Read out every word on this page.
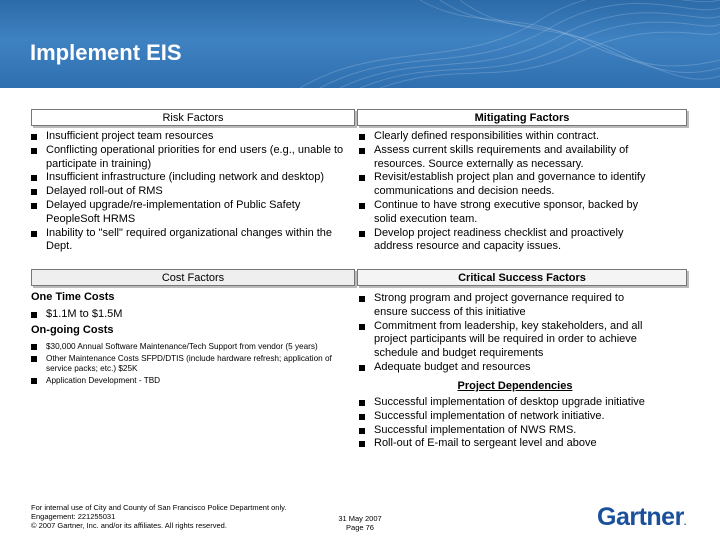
Implement EIS
Risk Factors	Mitigating Factors
Cost Factors	Critical Success Factors
Insufficient project team resources
Conflicting operational priorities for end users (e.g., unable to participate in training)
Insufficient infrastructure (including network and desktop)
Delayed roll-out of RMS
Delayed upgrade/re-implementation of Public Safety PeopleSoft HRMS
Inability to "sell" required organizational changes within the Dept.
Clearly defined responsibilities within contract.
Assess current skills requirements and availability of resources. Source externally as necessary.
Revisit/establish project plan and governance to identify communications and decision needs.
Continue to have strong executive sponsor, backed by solid execution team.
Develop project readiness checklist and proactively address resource and capacity issues.
One Time Costs
$1.1M to $1.5M
On-going Costs
$30,000 Annual Software Maintenance/Tech Support from vendor (5 years)
Other Maintenance Costs SFPD/DTIS (include hardware refresh; application of service packs; etc.) $25K
Application Development - TBD
Strong program and project governance required to ensure success of this initiative
Commitment from leadership, key stakeholders, and all project participants will be required in order to achieve schedule and budget requirements
Adequate budget and resources
Project Dependencies
Successful implementation of desktop upgrade initiative
Successful implementation of network initiative.
Successful implementation of NWS RMS.
Roll-out of E-mail to sergeant level and above
For internal use of City and County of San Francisco Police Department only.
Engagement: 221255031
© 2007 Gartner, Inc. and/or its affiliates. All rights reserved.
31 May 2007
Page 76	Gartner.
